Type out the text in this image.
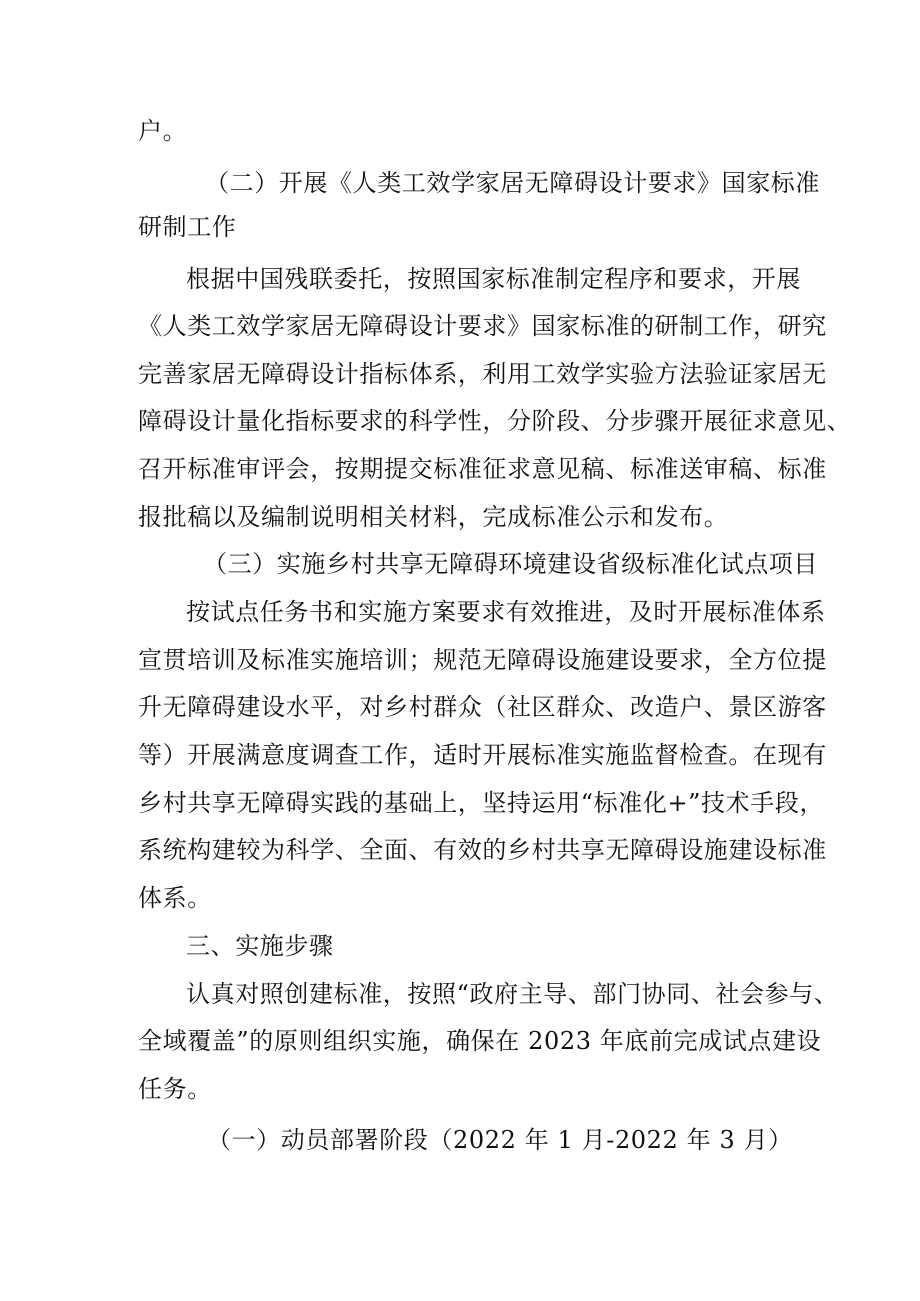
户。
（二）开展《人类工效学家居无障碍设计要求》国家标准
研制工作
根据中国残联委托，按照国家标准制定程序和要求，开展
《人类工效学家居无障碍设计要求》国家标准的研制工作，研究
完善家居无障碍设计指标体系，利用工效学实验方法验证家居无
障碍设计量化指标要求的科学性，分阶段、分步骤开展征求意见、
召开标准审评会，按期提交标准征求意见稿、标准送审稿、标准
报批稿以及编制说明相关材料，完成标准公示和发布。
（三）实施乡村共享无障碍环境建设省级标准化试点项目
按试点任务书和实施方案要求有效推进，及时开展标准体系
宣贯培训及标准实施培训；规范无障碍设施建设要求，全方位提
升无障碍建设水平，对乡村群众（社区群众、改造户、景区游客
等）开展满意度调查工作，适时开展标准实施监督检查。在现有
乡村共享无障碍实践的基础上，坚持运用“标准化+”技术手段，
系统构建较为科学、全面、有效的乡村共享无障碍设施建设标准
体系。
三、实施步骤
认真对照创建标准，按照“政府主导、部门协同、社会参与、
全域覆盖”的原则组织实施，确保在 2023 年底前完成试点建设
任务。
（一）动员部署阶段（2022 年 1 月-2022 年 3 月）
